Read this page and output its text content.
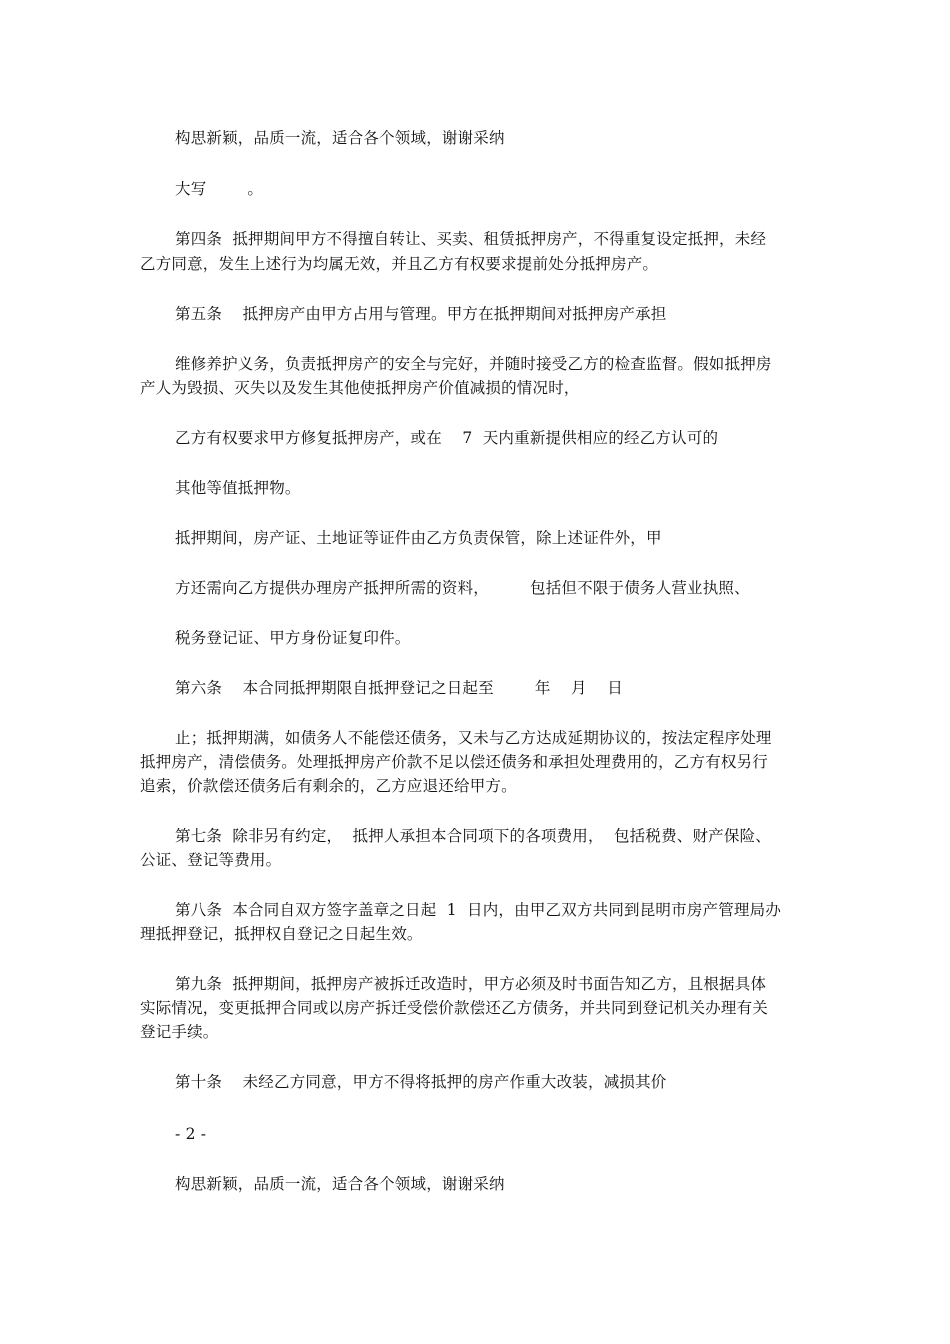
构思新颖，品质一流，适合各个领域，谢谢采纳
大写        。
第四条  抵押期间甲方不得擅自转让、买卖、租赁抵押房产，不得重复设定抵押，未经
乙方同意，发生上述行为均属无效，并且乙方有权要求提前处分抵押房产。
第五条    抵押房产由甲方占用与管理。甲方在抵押期间对抵押房产承担
维修养护义务，负责抵押房产的安全与完好，并随时接受乙方的检查监督。假如抵押房
产人为毁损、灭失以及发生其他使抵押房产价值减损的情况时，
乙方有权要求甲方修复抵押房产，或在    7  天内重新提供相应的经乙方认可的
其他等值抵押物。
抵押期间，房产证、土地证等证件由乙方负责保管，除上述证件外，甲
方还需向乙方提供办理房产抵押所需的资料，        包括但不限于债务人营业执照、
税务登记证、甲方身份证复印件。
第六条    本合同抵押期限自抵押登记之日起至        年    月    日
止；抵押期满，如债务人不能偿还债务，又未与乙方达成延期协议的，按法定程序处理
抵押房产，清偿债务。处理抵押房产价款不足以偿还债务和承担处理费用的，乙方有权另行
追索，价款偿还债务后有剩余的，乙方应退还给甲方。
第七条  除非另有约定，  抵押人承担本合同项下的各项费用，  包括税费、财产保险、
公证、登记等费用。
第八条  本合同自双方签字盖章之日起  1  日内，由甲乙双方共同到昆明市房产管理局办
理抵押登记，抵押权自登记之日起生效。
第九条  抵押期间，抵押房产被拆迁改造时，甲方必须及时书面告知乙方，且根据具体
实际情况，变更抵押合同或以房产拆迁受偿价款偿还乙方债务，并共同到登记机关办理有关
登记手续。
第十条    未经乙方同意，甲方不得将抵押的房产作重大改装，减损其价
- 2 -
构思新颖，品质一流，适合各个领域，谢谢采纳
